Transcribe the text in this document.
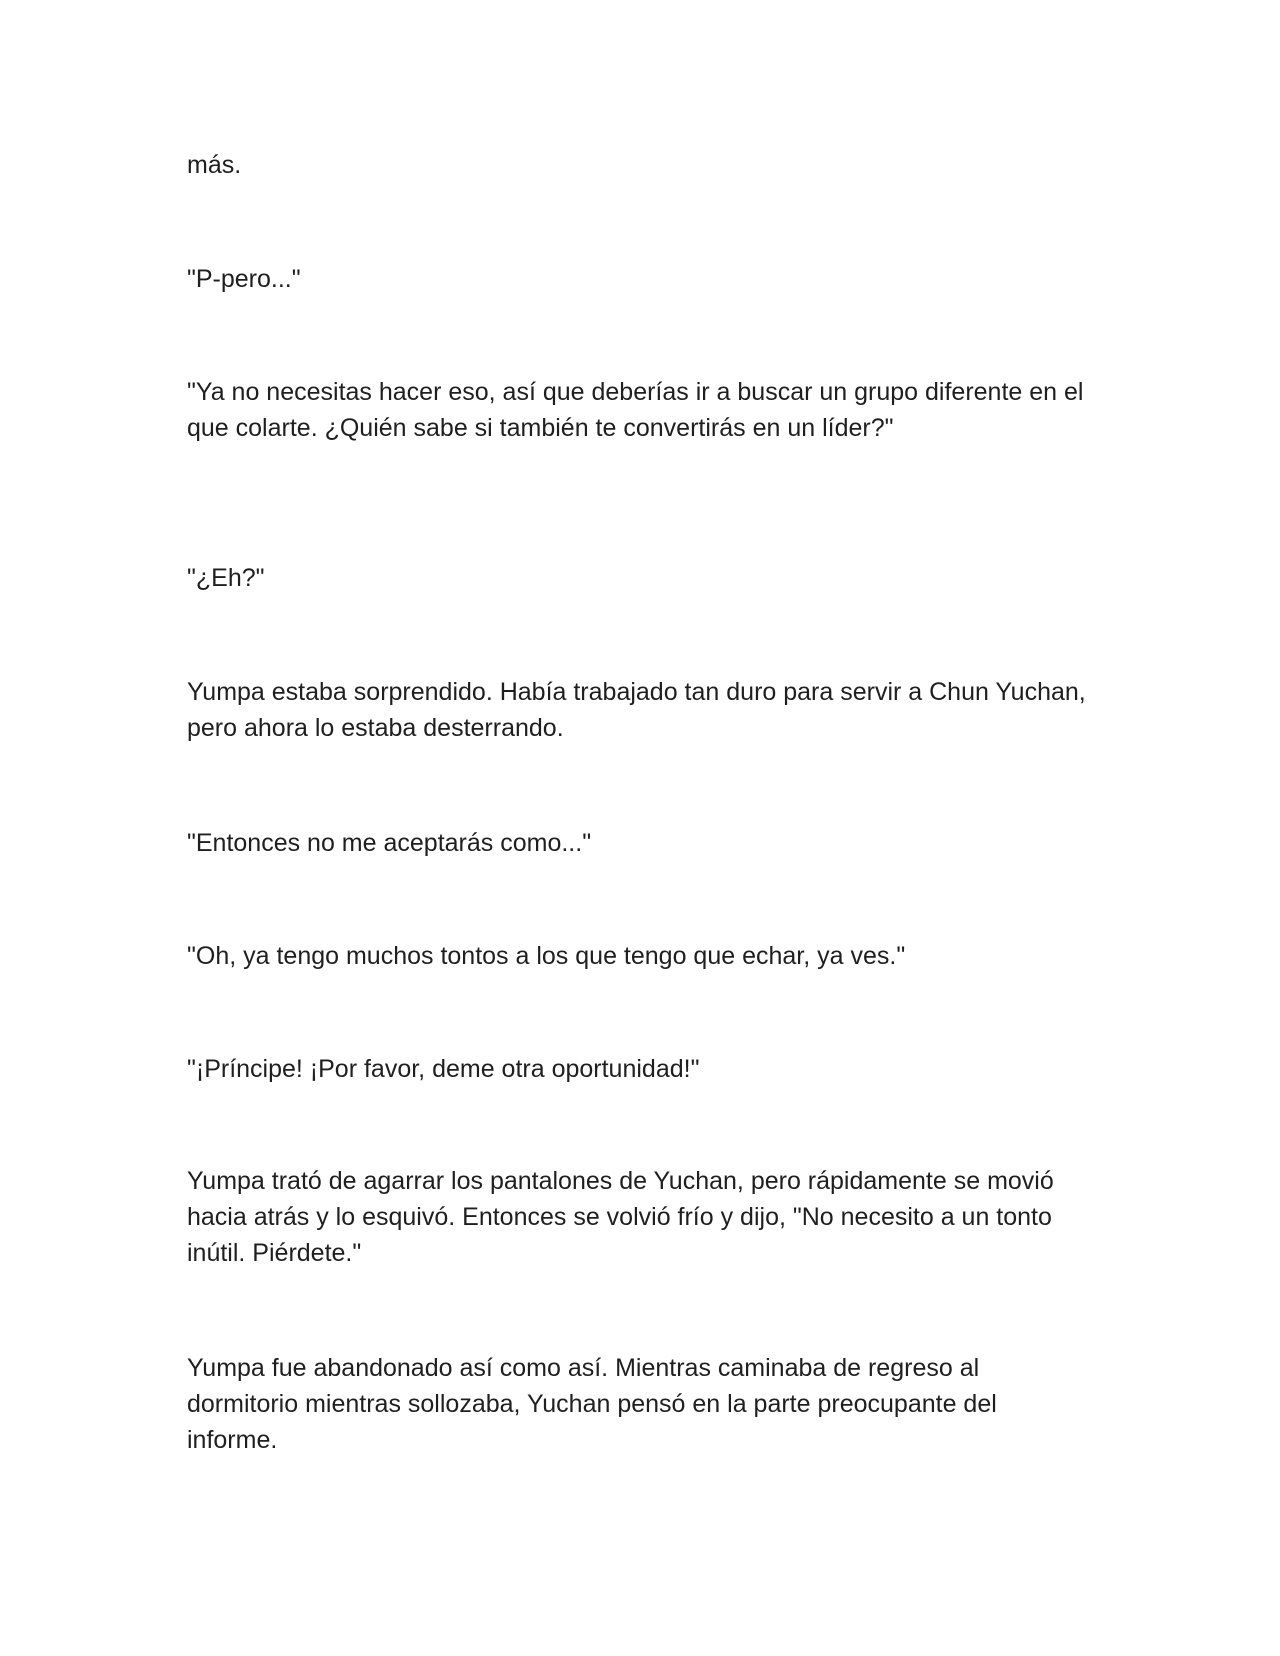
más.

"P-pero..."

"Ya no necesitas hacer eso, así que deberías ir a buscar un grupo diferente en el que colarte. ¿Quién sabe si también te convertirás en un líder?"

"¿Eh?"

Yumpa estaba sorprendido. Había trabajado tan duro para servir a Chun Yuchan, pero ahora lo estaba desterrando.

"Entonces no me aceptarás como..."

"Oh, ya tengo muchos tontos a los que tengo que echar, ya ves."

"¡Príncipe! ¡Por favor, deme otra oportunidad!"

Yumpa trató de agarrar los pantalones de Yuchan, pero rápidamente se movió hacia atrás y lo esquivó. Entonces se volvió frío y dijo, "No necesito a un tonto inútil. Piérdete."

Yumpa fue abandonado así como así. Mientras caminaba de regreso al dormitorio mientras sollozaba, Yuchan pensó en la parte preocupante del informe.
